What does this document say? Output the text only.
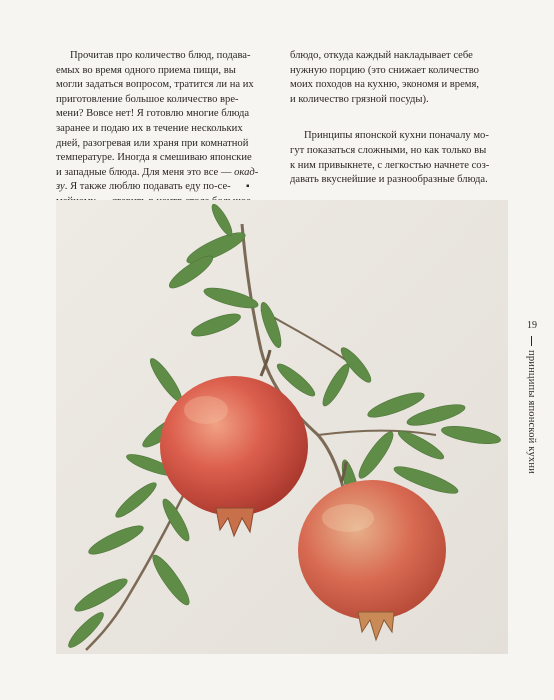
Прочитав про количество блюд, подава-

емых во время одного приема пищи, вы

могли задаться вопросом, тратится ли на их

приготовление большое количество вре-

мени? Вовсе нет! Я готовлю многие блюда

заранее и подаю их в течение нескольких

дней, разогревая или храня при комнатной

температуре. Иногда я смешиваю японские

и западные блюда. Для меня это все — окад-

зу. Я также люблю подавать еду по-се-

блюдо, откуда каждый накладывает себе

нужную порцию (это снижает количество

моих походов на кухню, экономя и время,

и количество грязной посуды).

Принципы японской кухни поначалу мо-

гут показаться сложными, но как только вы

к ним привыкнете, с легкостью начнете соз-

давать вкуснейшие и разнообразные блюда.

▪
19
принципы японской кухни
